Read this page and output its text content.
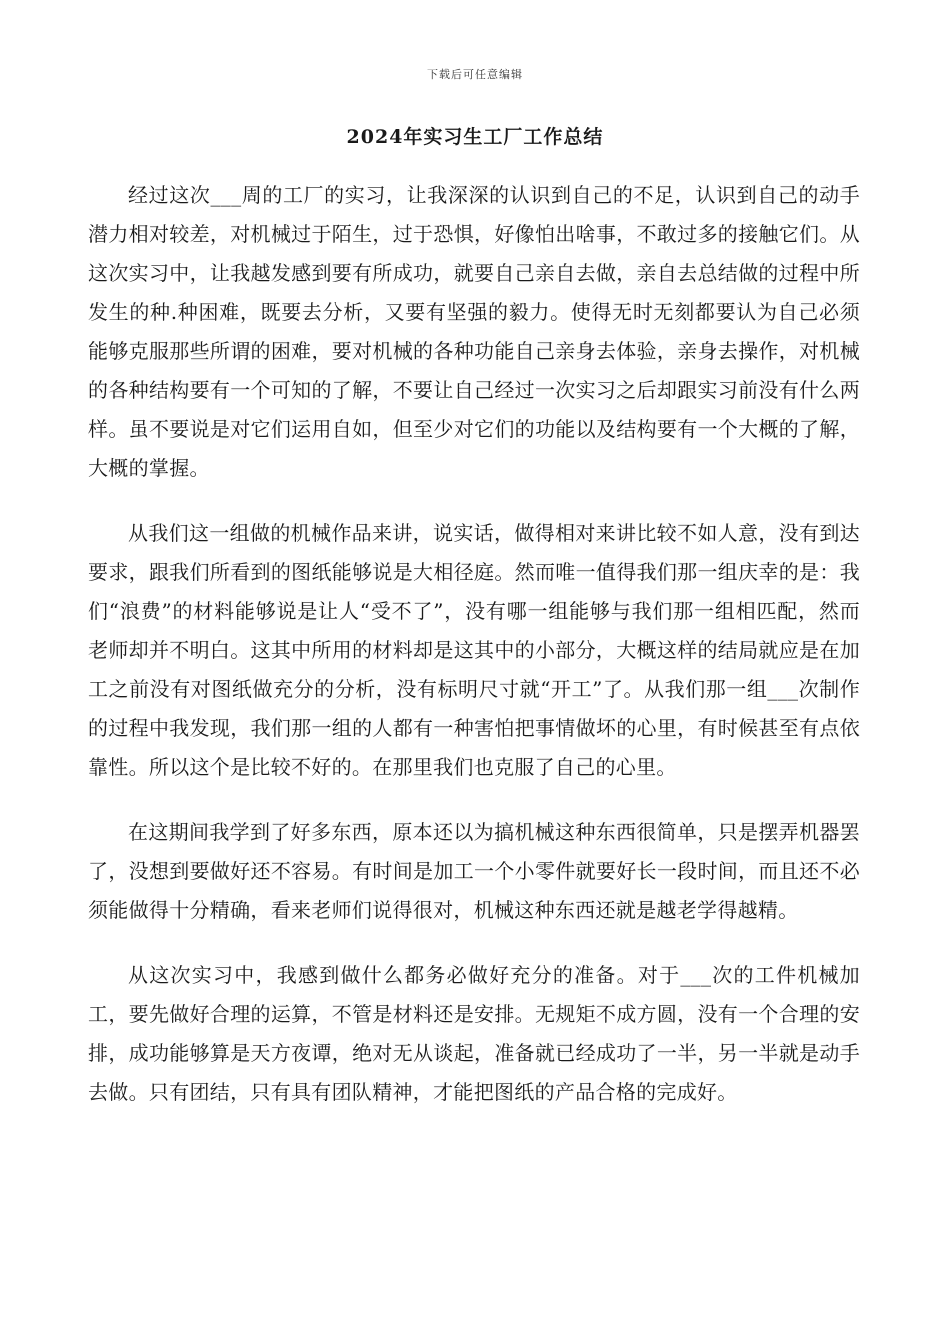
下载后可任意编辑
2024年实习生工厂工作总结

经过这次___周的工厂的实习，让我深深的认识到自己的不足，认识到自己的动手潜力相对较差，对机械过于陌生，过于恐惧，好像怕出啥事，不敢过多的接触它们。从这次实习中，让我越发感到要有所成功，就要自己亲自去做，亲自去总结做的过程中所发生的种.种困难，既要去分析，又要有坚强的毅力。使得无时无刻都要认为自己必须能够克服那些所谓的困难，要对机械的各种功能自己亲身去体验，亲身去操作，对机械的各种结构要有一个可知的了解，不要让自己经过一次实习之后却跟实习前没有什么两样。虽不要说是对它们运用自如，但至少对它们的功能以及结构要有一个大概的了解，大概的掌握。

从我们这一组做的机械作品来讲，说实话，做得相对来讲比较不如人意，没有到达要求，跟我们所看到的图纸能够说是大相径庭。然而唯一值得我们那一组庆幸的是：我们“浪费”的材料能够说是让人“受不了”，没有哪一组能够与我们那一组相匹配，然而老师却并不明白。这其中所用的材料却是这其中的小部分，大概这样的结局就应是在加工之前没有对图纸做充分的分析，没有标明尺寸就“开工”了。从我们那一组___次制作的过程中我发现，我们那一组的人都有一种害怕把事情做坏的心里，有时候甚至有点依靠性。所以这个是比较不好的。在那里我们也克服了自己的心里。

在这期间我学到了好多东西，原本还以为搞机械这种东西很简单，只是摆弄机器罢了，没想到要做好还不容易。有时间是加工一个小零件就要好长一段时间，而且还不必须能做得十分精确，看来老师们说得很对，机械这种东西还就是越老学得越精。

从这次实习中，我感到做什么都务必做好充分的准备。对于___次的工件机械加工，要先做好合理的运算，不管是材料还是安排。无规矩不成方圆，没有一个合理的安排，成功能够算是天方夜谭，绝对无从谈起，准备就已经成功了一半，另一半就是动手去做。只有团结，只有具有团队精神，才能把图纸的产品合格的完成好。
